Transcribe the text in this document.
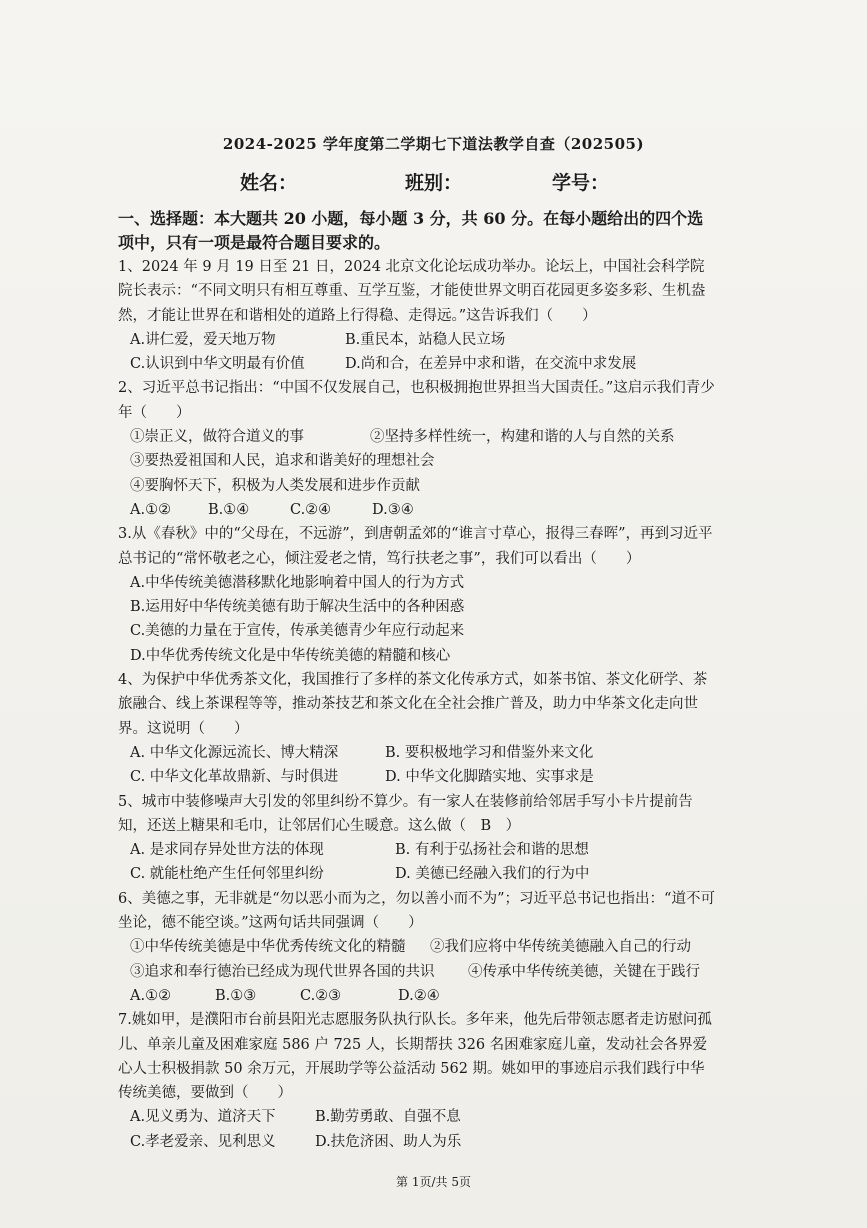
2024-2025 学年度第二学期七下道法教学自查（202505)
姓名：	班别：	学号：

一、选择题：本大题共 20 小题，每小题 3 分，共 60 分。在每小题给出的四个选项中，只有一项是最符合题目要求的。

1、2024 年 9 月 19 日至 21 日，2024 北京文化论坛成功举办。论坛上，中国社会科学院院长表示：“不同文明只有相互尊重、互学互鉴，才能使世界文明百花园更多姿多彩、生机盎然，才能让世界在和谐相处的道路上行得稳、走得远。”这告诉我们（　　）

A.讲仁爱，爱天地万物	B.重民本，站稳人民立场
C.认识到中华文明最有价值	D.尚和合，在差异中求和谐，在交流中求发展

2、习近平总书记指出：“中国不仅发展自己，也积极拥抱世界担当大国责任。”这启示我们青少年（　　）

①崇正义，做符合道义的事	②坚持多样性统一，构建和谐的人与自然的关系

③要热爱祖国和人民，追求和谐美好的理想社会

④要胸怀天下，积极为人类发展和进步作贡献

A.①②	B.①④	C.②④	D.③④

3.从《春秋》中的“父母在，不远游”，到唐朝孟郊的“谁言寸草心，报得三春晖”，再到习近平总书记的“常怀敬老之心，倾注爱老之情，笃行扶老之事”，我们可以看出（　　）

A.中华传统美德潜移默化地影响着中国人的行为方式

B.运用好中华传统美德有助于解决生活中的各种困惑

C.美德的力量在于宣传，传承美德青少年应行动起来

D.中华优秀传统文化是中华传统美德的精髓和核心

4、为保护中华优秀茶文化，我国推行了多样的茶文化传承方式，如茶书馆、茶文化研学、茶旅融合、线上茶课程等等，推动茶技艺和茶文化在全社会推广普及，助力中华茶文化走向世界。这说明（　　）

A. 中华文化源远流长、博大精深	B. 要积极地学习和借鉴外来文化
C. 中华文化革故鼎新、与时俱进	D. 中华文化脚踏实地、实事求是

5、城市中装修噪声大引发的邻里纠纷不算少。有一家人在装修前给邻居手写小卡片提前告知，还送上糖果和毛巾，让邻居们心生暖意。这么做（　B　）

A. 是求同存异处世方法的体现	B. 有利于弘扬社会和谐的思想
C. 就能杜绝产生任何邻里纠纷	D. 美德已经融入我们的行为中

6、美德之事，无非就是“勿以恶小而为之，勿以善小而不为”；习近平总书记也指出：“道不可坐论，德不能空谈。”这两句话共同强调（　　）

①中华传统美德是中华优秀传统文化的精髓	②我们应将中华传统美德融入自己的行动
③追求和奉行德治已经成为现代世界各国的共识	④传承中华传统美德，关键在于践行
A.①②	B.①③	C.②③	D.②④

7.姚如甲，是濮阳市台前县阳光志愿服务队执行队长。多年来，他先后带领志愿者走访慰问孤儿、单亲儿童及困难家庭 586 户 725 人，长期帮扶 326 名困难家庭儿童，发动社会各界爱心人士积极捐款 50 余万元，开展助学等公益活动 562 期。姚如甲的事迹启示我们践行中华传统美德，要做到（　　）

A.见义勇为、道济天下	B.勤劳勇敢、自强不息
C.孝老爱亲、见利思义	D.扶危济困、助人为乐
第 1页/共 5页
